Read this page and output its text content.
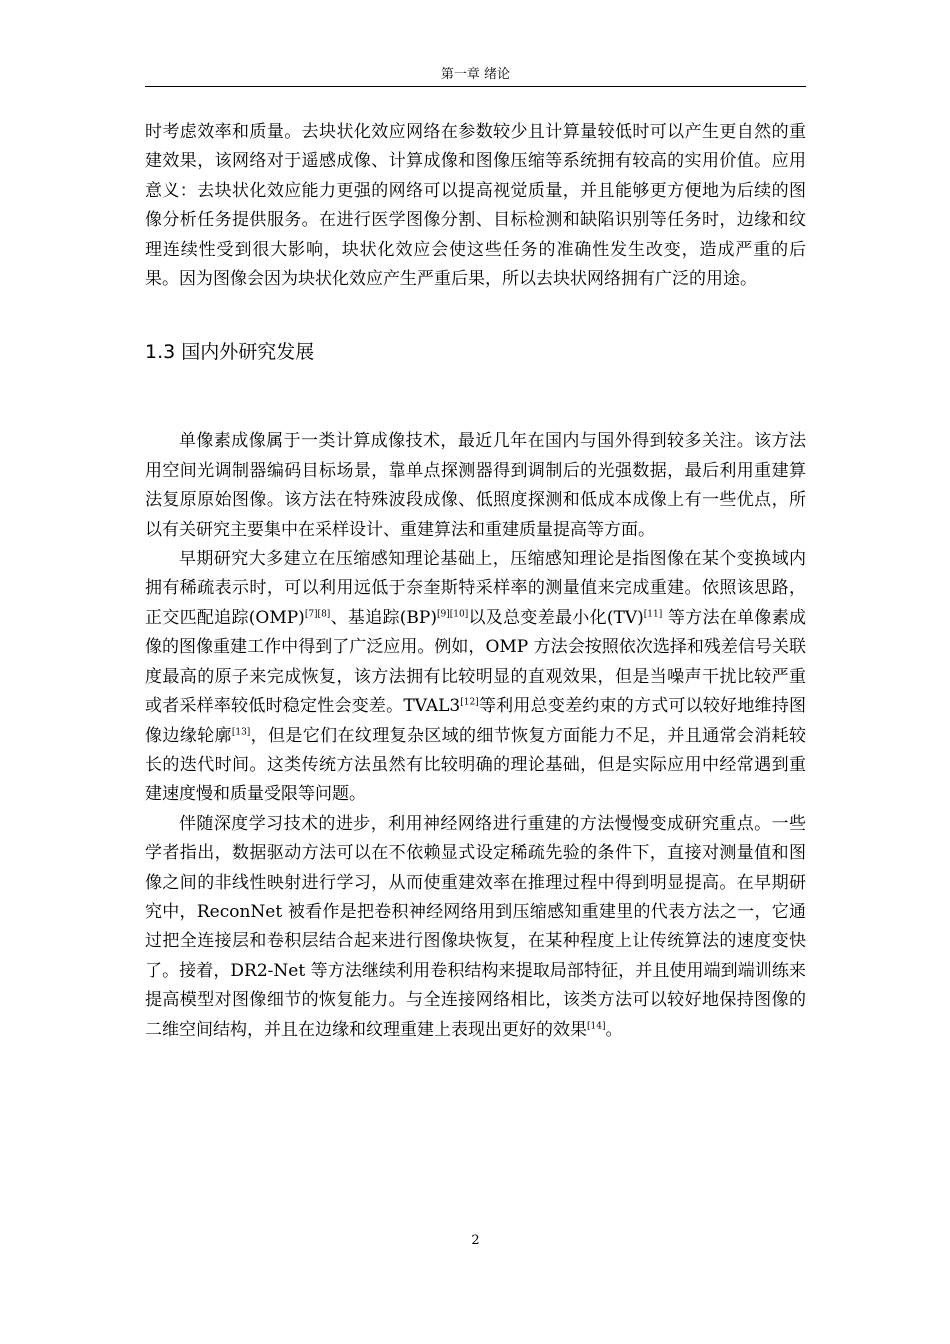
第一章 绪论

时考虑效率和质量。去块状化效应网络在参数较少且计算量较低时可以产生更自然的重建效果，该网络对于遥感成像、计算成像和图像压缩等系统拥有较高的实用价值。应用意义：去块状化效应能力更强的网络可以提高视觉质量，并且能够更方便地为后续的图像分析任务提供服务。在进行医学图像分割、目标检测和缺陷识别等任务时，边缘和纹理连续性受到很大影响，块状化效应会使这些任务的准确性发生改变，造成严重的后果。因为图像会因为块状化效应产生严重后果，所以去块状网络拥有广泛的用途。

1.3 国内外研究发展

单像素成像属于一类计算成像技术，最近几年在国内与国外得到较多关注。该方法用空间光调制器编码目标场景，靠单点探测器得到调制后的光强数据，最后利用重建算法复原原始图像。该方法在特殊波段成像、低照度探测和低成本成像上有一些优点，所以有关研究主要集中在采样设计、重建算法和重建质量提高等方面。

早期研究大多建立在压缩感知理论基础上，压缩感知理论是指图像在某个变换域内拥有稀疏表示时，可以利用远低于奈奎斯特采样率的测量值来完成重建。依照该思路，正交匹配追踪(OMP)[7][8]、基追踪(BP)[9][10]以及总变差最小化(TV)[11] 等方法在单像素成像的图像重建工作中得到了广泛应用。例如，OMP 方法会按照依次选择和残差信号关联度最高的原子来完成恢复，该方法拥有比较明显的直观效果，但是当噪声干扰比较严重或者采样率较低时稳定性会变差。TVAL3[12]等利用总变差约束的方式可以较好地维持图像边缘轮廓[13]，但是它们在纹理复杂区域的细节恢复方面能力不足，并且通常会消耗较长的迭代时间。这类传统方法虽然有比较明确的理论基础，但是实际应用中经常遇到重建速度慢和质量受限等问题。

伴随深度学习技术的进步，利用神经网络进行重建的方法慢慢变成研究重点。一些学者指出，数据驱动方法可以在不依赖显式设定稀疏先验的条件下，直接对测量值和图像之间的非线性映射进行学习，从而使重建效率在推理过程中得到明显提高。在早期研究中，ReconNet 被看作是把卷积神经网络用到压缩感知重建里的代表方法之一，它通过把全连接层和卷积层结合起来进行图像块恢复，在某种程度上让传统算法的速度变快了。接着，DR2-Net 等方法继续利用卷积结构来提取局部特征，并且使用端到端训练来提高模型对图像细节的恢复能力。与全连接网络相比，该类方法可以较好地保持图像的二维空间结构，并且在边缘和纹理重建上表现出更好的效果[14]。

2
